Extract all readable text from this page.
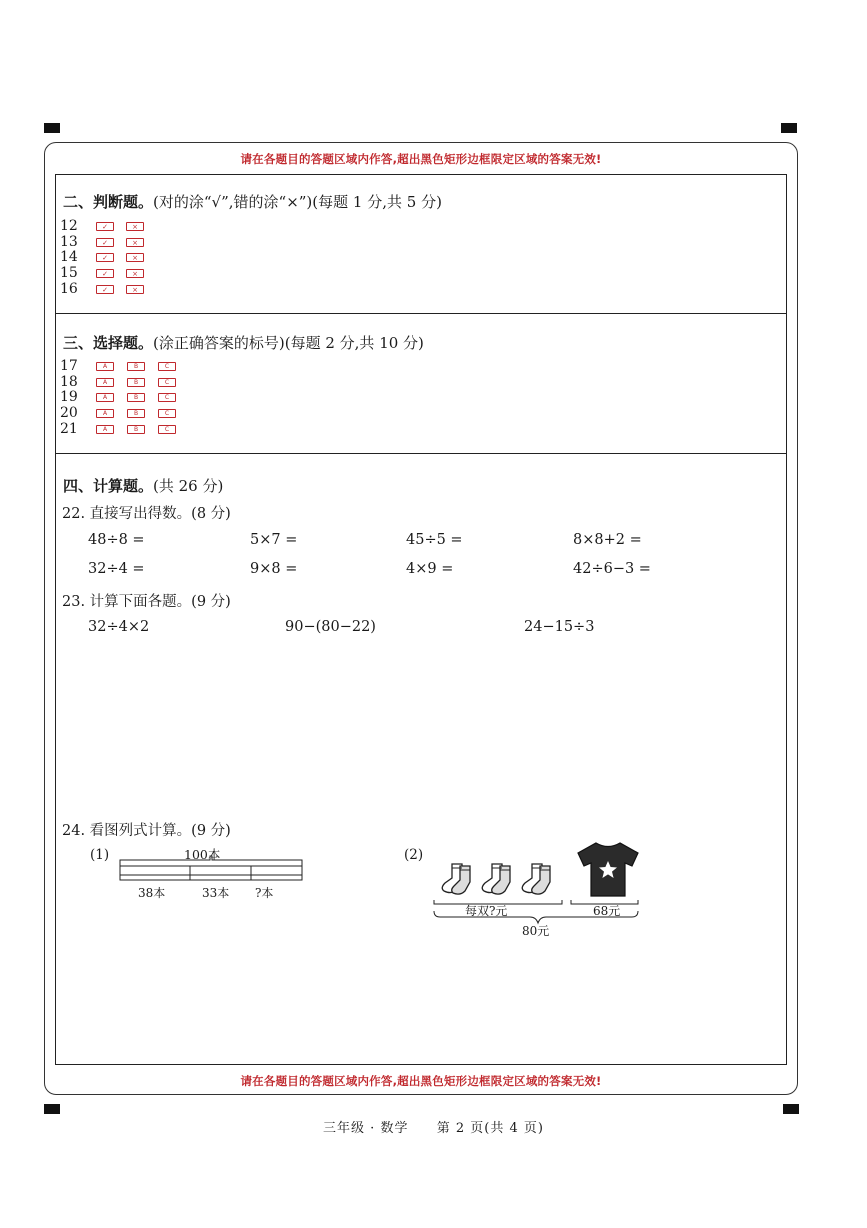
请在各题目的答题区域内作答,超出黑色矩形边框限定区域的答案无效!
二、判断题。(对的涂“√”,错的涂“×”)(每题 1 分,共 5 分)
12	✓	×
13	✓	×
14	✓	×
15	✓	×
16	✓	×
三、选择题。(涂正确答案的标号)(每题 2 分,共 10 分)
17	A	B	C
18	A	B	C
19	A	B	C
20	A	B	C
21	A	B	C
四、计算题。(共 26 分)
22. 直接写出得数。(8 分)
48÷8 =	5×7 =	45÷5 =	8×8+2 =
32÷4 =	9×8 =	4×9 =	42÷6−3 =
23. 计算下面各题。(9 分)
32÷4×2	90−(80−22)	24−15÷3
24. 看图列式计算。(9 分)
(1)	100本
38本	33本 ?本
(2)
每双?元	68元
80元
请在各题目的答题区域内作答,超出黑色矩形边框限定区域的答案无效!
三年级 · 数学 第 2 页(共 4 页)
